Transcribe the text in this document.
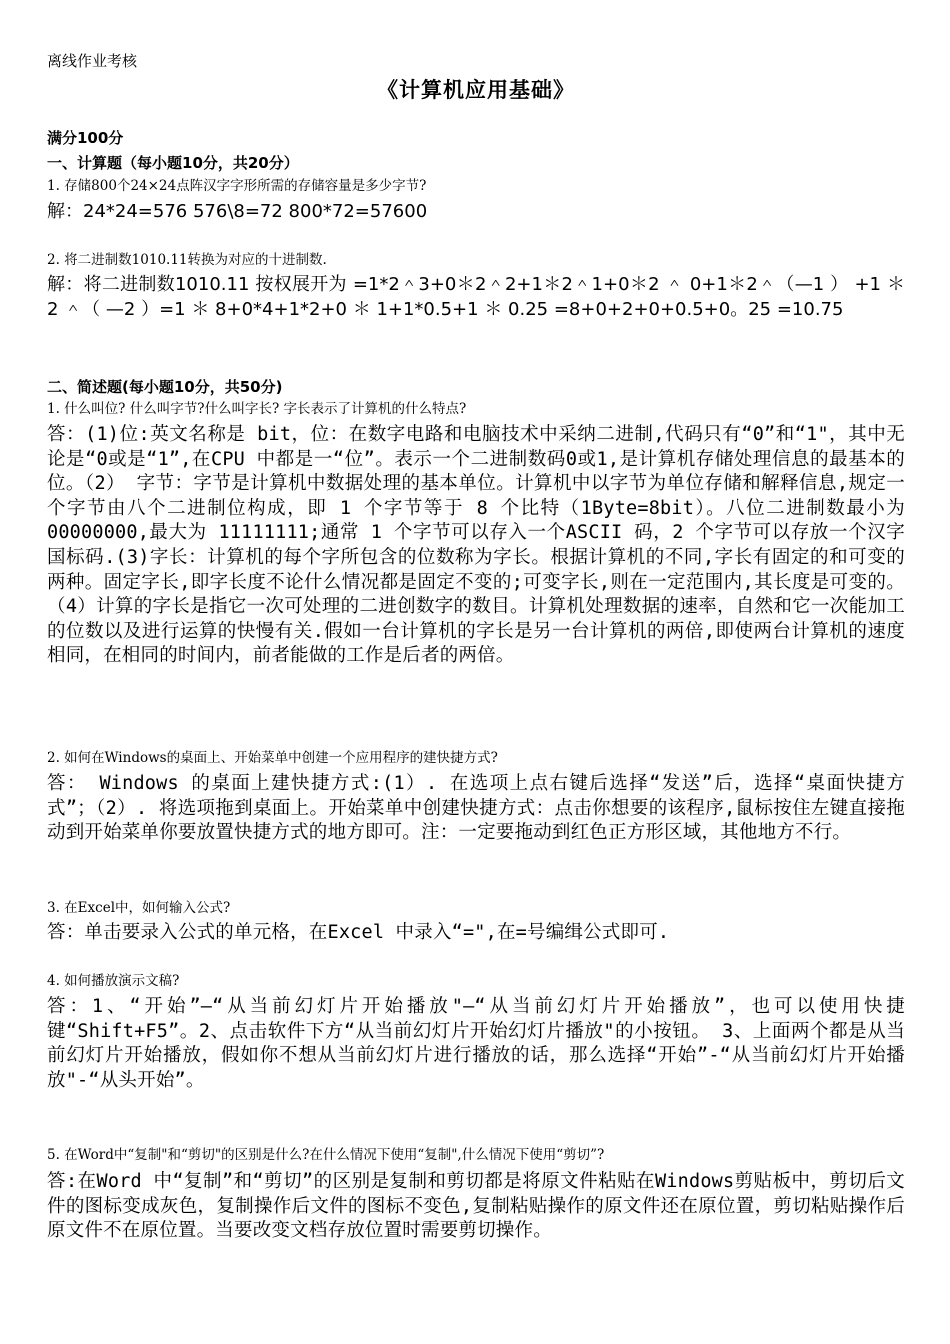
离线作业考核
《计算机应用基础》
满分100分
一、计算题（每小题10分，共20分）
1. 存储800个24×24点阵汉字字形所需的存储容量是多少字节?
解：24*24=576 576\8=72 800*72=57600
2. 将二进制数1010.11转换为对应的十进制数.
解：将二进制数1010.11 按权展开为 =1*2＾3+0＊2＾2+1＊2＾1+0＊2 ＾ 0+1＊2＾（—1 ） +1 ＊ 2 ＾（ —2 ）=1 ＊ 8+0*4+1*2+0 ＊ 1+1*0.5+1 ＊ 0.25 =8+0+2+0+0.5+0。25 =10.75
二、简述题(每小题10分，共50分)
1. 什么叫位? 什么叫字节?什么叫字长? 字长表示了计算机的什么特点?
答：(1)位:英文名称是 bit，位：在数字电路和电脑技术中采纳二进制,代码只有“0”和“1"，其中无论是“0或是“1”,在CPU 中都是一“位”。表示一个二进制数码0或1,是计算机存储处理信息的最基本的位。（2） 字节：字节是计算机中数据处理的基本单位。计算机中以字节为单位存储和解释信息,规定一个字节由八个二进制位构成，即 1 个字节等于 8 个比特（1Byte=8bit）。八位二进制数最小为00000000,最大为 11111111;通常 1 个字节可以存入一个ASCII 码，2 个字节可以存放一个汉字国标码.(3)字长：计算机的每个字所包含的位数称为字长。根据计算机的不同,字长有固定的和可变的两种。固定字长,即字长度不论什么情况都是固定不变的;可变字长,则在一定范围内,其长度是可变的。（4）计算的字长是指它一次可处理的二进创数字的数目。计算机处理数据的速率，自然和它一次能加工的位数以及进行运算的快慢有关.假如一台计算机的字长是另一台计算机的两倍,即使两台计算机的速度相同，在相同的时间内，前者能做的工作是后者的两倍。
2. 如何在Windows的桌面上、开始菜单中创建一个应用程序的建快捷方式?
答： Windows 的桌面上建快捷方式:(1）. 在选项上点右键后选择“发送”后，选择“桌面快捷方式”；（2）. 将选项拖到桌面上。开始菜单中创建快捷方式：点击你想要的该程序,鼠标按住左键直接拖动到开始菜单你要放置快捷方式的地方即可。注：一定要拖动到红色正方形区域，其他地方不行。
3. 在Excel中，如何输入公式?
答：单击要录入公式的单元格，在Excel 中录入“=",在=号编缉公式即可.
4. 如何播放演示文稿?
答：1、“开始”—“从当前幻灯片开始播放"—“从当前幻灯片开始播放”，也可以使用快捷键“Shift+F5”。2、点击软件下方“从当前幻灯片开始幻灯片播放"的小按钮。 3、上面两个都是从当前幻灯片开始播放，假如你不想从当前幻灯片进行播放的话，那么选择“开始”-“从当前幻灯片开始播放"-“从头开始”。
5. 在Word中“复制"和“剪切"的区别是什么?在什么情况下使用“复制",什么情况下使用“剪切”?
答:在Word 中“复制”和“剪切”的区别是复制和剪切都是将原文件粘贴在Windows剪贴板中，剪切后文件的图标变成灰色，复制操作后文件的图标不变色,复制粘贴操作的原文件还在原位置，剪切粘贴操作后原文件不在原位置。当要改变文档存放位置时需要剪切操作。
